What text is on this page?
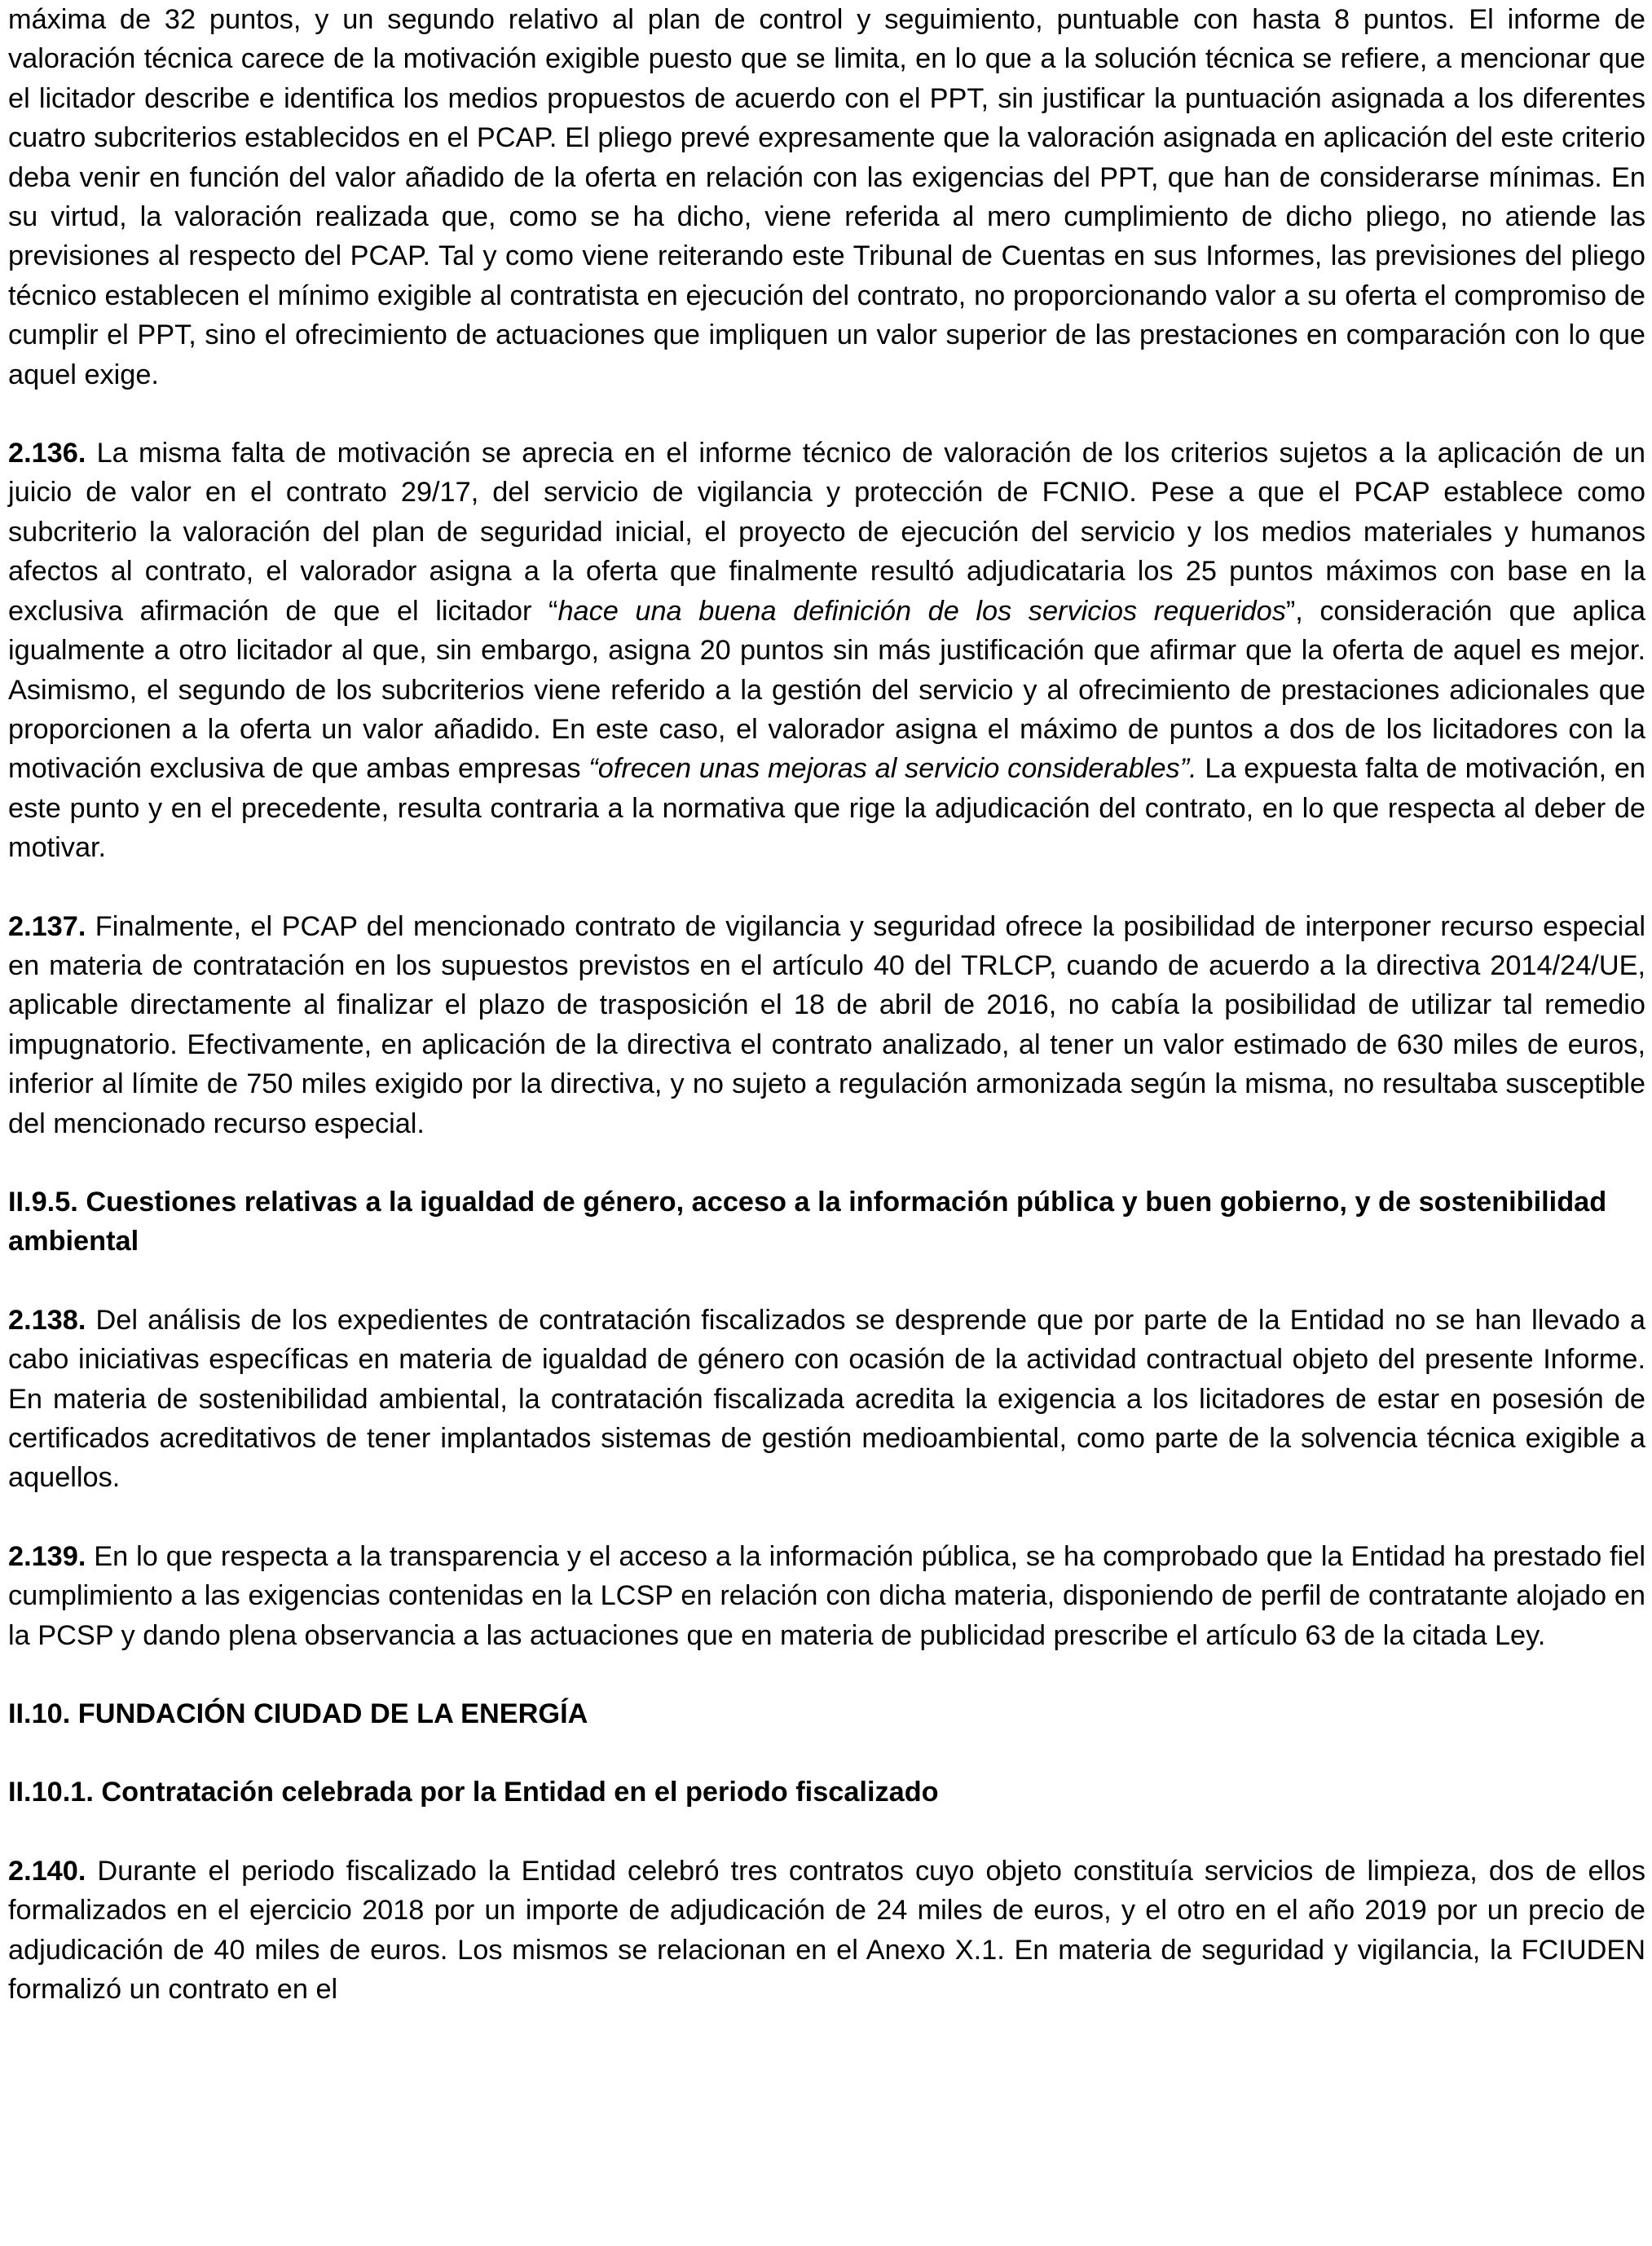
máxima de 32 puntos, y un segundo relativo al plan de control y seguimiento, puntuable con hasta 8 puntos. El informe de valoración técnica carece de la motivación exigible puesto que se limita, en lo que a la solución técnica se refiere, a mencionar que el licitador describe e identifica los medios propuestos de acuerdo con el PPT, sin justificar la puntuación asignada a los diferentes cuatro subcriterios establecidos en el PCAP. El pliego prevé expresamente que la valoración asignada en aplicación del este criterio deba venir en función del valor añadido de la oferta en relación con las exigencias del PPT, que han de considerarse mínimas. En su virtud, la valoración realizada que, como se ha dicho, viene referida al mero cumplimiento de dicho pliego, no atiende las previsiones al respecto del PCAP. Tal y como viene reiterando este Tribunal de Cuentas en sus Informes, las previsiones del pliego técnico establecen el mínimo exigible al contratista en ejecución del contrato, no proporcionando valor a su oferta el compromiso de cumplir el PPT, sino el ofrecimiento de actuaciones que impliquen un valor superior de las prestaciones en comparación con lo que aquel exige.

2.136. La misma falta de motivación se aprecia en el informe técnico de valoración de los criterios sujetos a la aplicación de un juicio de valor en el contrato 29/17, del servicio de vigilancia y protección de FCNIO. Pese a que el PCAP establece como subcriterio la valoración del plan de seguridad inicial, el proyecto de ejecución del servicio y los medios materiales y humanos afectos al contrato, el valorador asigna a la oferta que finalmente resultó adjudicataria los 25 puntos máximos con base en la exclusiva afirmación de que el licitador “hace una buena definición de los servicios requeridos”, consideración que aplica igualmente a otro licitador al que, sin embargo, asigna 20 puntos sin más justificación que afirmar que la oferta de aquel es mejor. Asimismo, el segundo de los subcriterios viene referido a la gestión del servicio y al ofrecimiento de prestaciones adicionales que proporcionen a la oferta un valor añadido. En este caso, el valorador asigna el máximo de puntos a dos de los licitadores con la motivación exclusiva de que ambas empresas “ofrecen unas mejoras al servicio considerables”. La expuesta falta de motivación, en este punto y en el precedente, resulta contraria a la normativa que rige la adjudicación del contrato, en lo que respecta al deber de motivar.

2.137. Finalmente, el PCAP del mencionado contrato de vigilancia y seguridad ofrece la posibilidad de interponer recurso especial en materia de contratación en los supuestos previstos en el artículo 40 del TRLCP, cuando de acuerdo a la directiva 2014/24/UE, aplicable directamente al finalizar el plazo de trasposición el 18 de abril de 2016, no cabía la posibilidad de utilizar tal remedio impugnatorio. Efectivamente, en aplicación de la directiva el contrato analizado, al tener un valor estimado de 630 miles de euros, inferior al límite de 750 miles exigido por la directiva, y no sujeto a regulación armonizada según la misma, no resultaba susceptible del mencionado recurso especial.

II.9.5. Cuestiones relativas a la igualdad de género, acceso a la información pública y buen gobierno, y de sostenibilidad ambiental

2.138. Del análisis de los expedientes de contratación fiscalizados se desprende que por parte de la Entidad no se han llevado a cabo iniciativas específicas en materia de igualdad de género con ocasión de la actividad contractual objeto del presente Informe. En materia de sostenibilidad ambiental, la contratación fiscalizada acredita la exigencia a los licitadores de estar en posesión de certificados acreditativos de tener implantados sistemas de gestión medioambiental, como parte de la solvencia técnica exigible a aquellos.

2.139. En lo que respecta a la transparencia y el acceso a la información pública, se ha comprobado que la Entidad ha prestado fiel cumplimiento a las exigencias contenidas en la LCSP en relación con dicha materia, disponiendo de perfil de contratante alojado en la PCSP y dando plena observancia a las actuaciones que en materia de publicidad prescribe el artículo 63 de la citada Ley.

II.10. FUNDACIÓN CIUDAD DE LA ENERGÍA

II.10.1. Contratación celebrada por la Entidad en el periodo fiscalizado

2.140. Durante el periodo fiscalizado la Entidad celebró tres contratos cuyo objeto constituía servicios de limpieza, dos de ellos formalizados en el ejercicio 2018 por un importe de adjudicación de 24 miles de euros, y el otro en el año 2019 por un precio de adjudicación de 40 miles de euros. Los mismos se relacionan en el Anexo X.1. En materia de seguridad y vigilancia, la FCIUDEN formalizó un contrato en el
